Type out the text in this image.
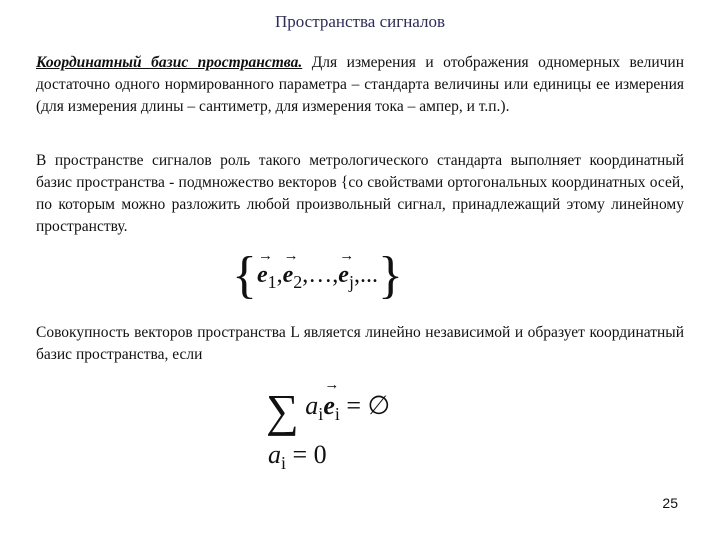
Пространства сигналов
Координатный базис пространства. Для измерения и отображения одномерных величин достаточно одного нормированного параметра – стандарта величины или единицы ее измерения (для измерения длины – сантиметр, для измерения тока – ампер, и т.п.).
В пространстве сигналов роль такого метрологического стандарта выполняет координатный базис пространства - подмножество векторов {со свойствами ортогональных координатных осей, по которым можно разложить любой произвольный сигнал, принадлежащий этому линейному пространству.
{→ $e_1,\to$ $e_2,\dots,\to e_j$,...}
Совокупность векторов пространства L является линейно независимой и образует координатный базис пространства, если
∑ $a_i\to e_i$ = ∅
$a_i = 0$
25
